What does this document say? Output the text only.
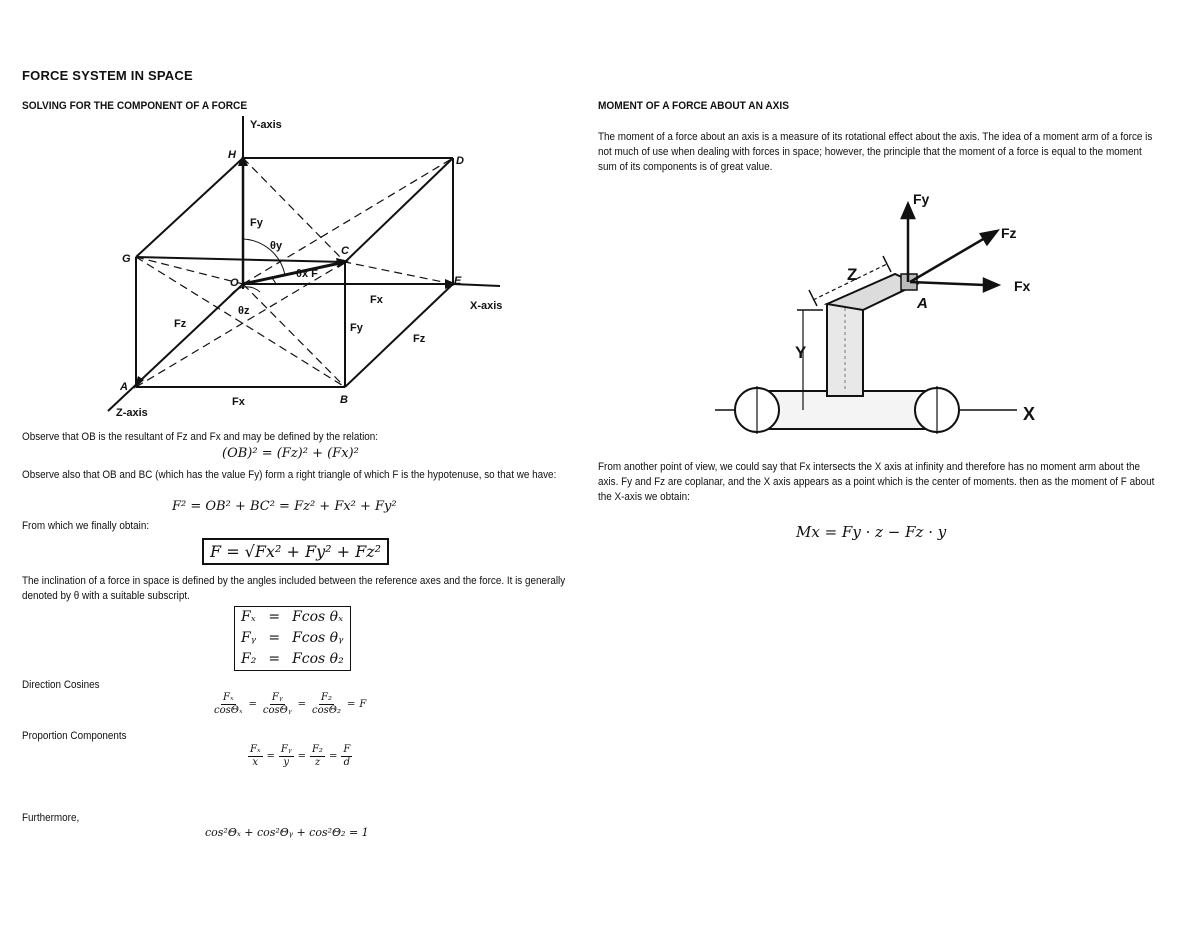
FORCE SYSTEM IN SPACE
SOLVING FOR THE COMPONENT OF A FORCE
Y-axis
H	D
G
C
O	E
X-axis
A
B
Z-axis
Fy
θy
θx F
θz
Fx
Fz	Fy
Fz
Fx
Observe that OB is the resultant of Fz and Fx and may be defined by the relation:
(OB)² = (Fz)² + (Fx)²
Observe also that OB and BC (which has the value Fy) form a right triangle of which F is the hypotenuse, so that we have:
F² = OB² + BC² = Fz² + Fx² + Fy²
From which we finally obtain:
F = √Fx² + Fy² + Fz²
The inclination of a force in space is defined by the angles included between the reference axes and the force. It is generally denoted by θ with a suitable subscript.
Fₓ	=	Fcos θₓ
Fᵧ	=	Fcos θᵧ
F₂	=	Fcos θ₂
Direction Cosines
$\frac{\text{Fₓ}}{\text{cosΘₓ}} = \frac{\text{Fᵧ}}{\text{cosΘᵧ}} = \frac{\text{F₂}}{\text{cosΘ₂}} = F$
Proportion Components
$\frac{\text{Fₓ}}{x} = \frac{\text{Fᵧ}}{y} = \frac{\text{F₂}}{z} = \frac{F}{d}$
Furthermore,
cos²Θₓ + cos²Θᵧ + cos²Θ₂ = 1
MOMENT OF A FORCE ABOUT AN AXIS
The moment of a force about an axis is a measure of its rotational effect about the axis. The idea of a moment arm of a force is not much of use when dealing with forces in space; however, the principle that the moment of a force is equal to the moment sum of its components is of great value.
Fy
Fz
Fx
Z
Y
A
X
From another point of view, we could say that Fx intersects the X axis at infinity and therefore has no moment arm about the axis. Fy and Fz are coplanar, and the X axis appears as a point which is the center of moments. then as the moment of F about the X-axis we obtain:
Mx = Fy · z − Fz · y
